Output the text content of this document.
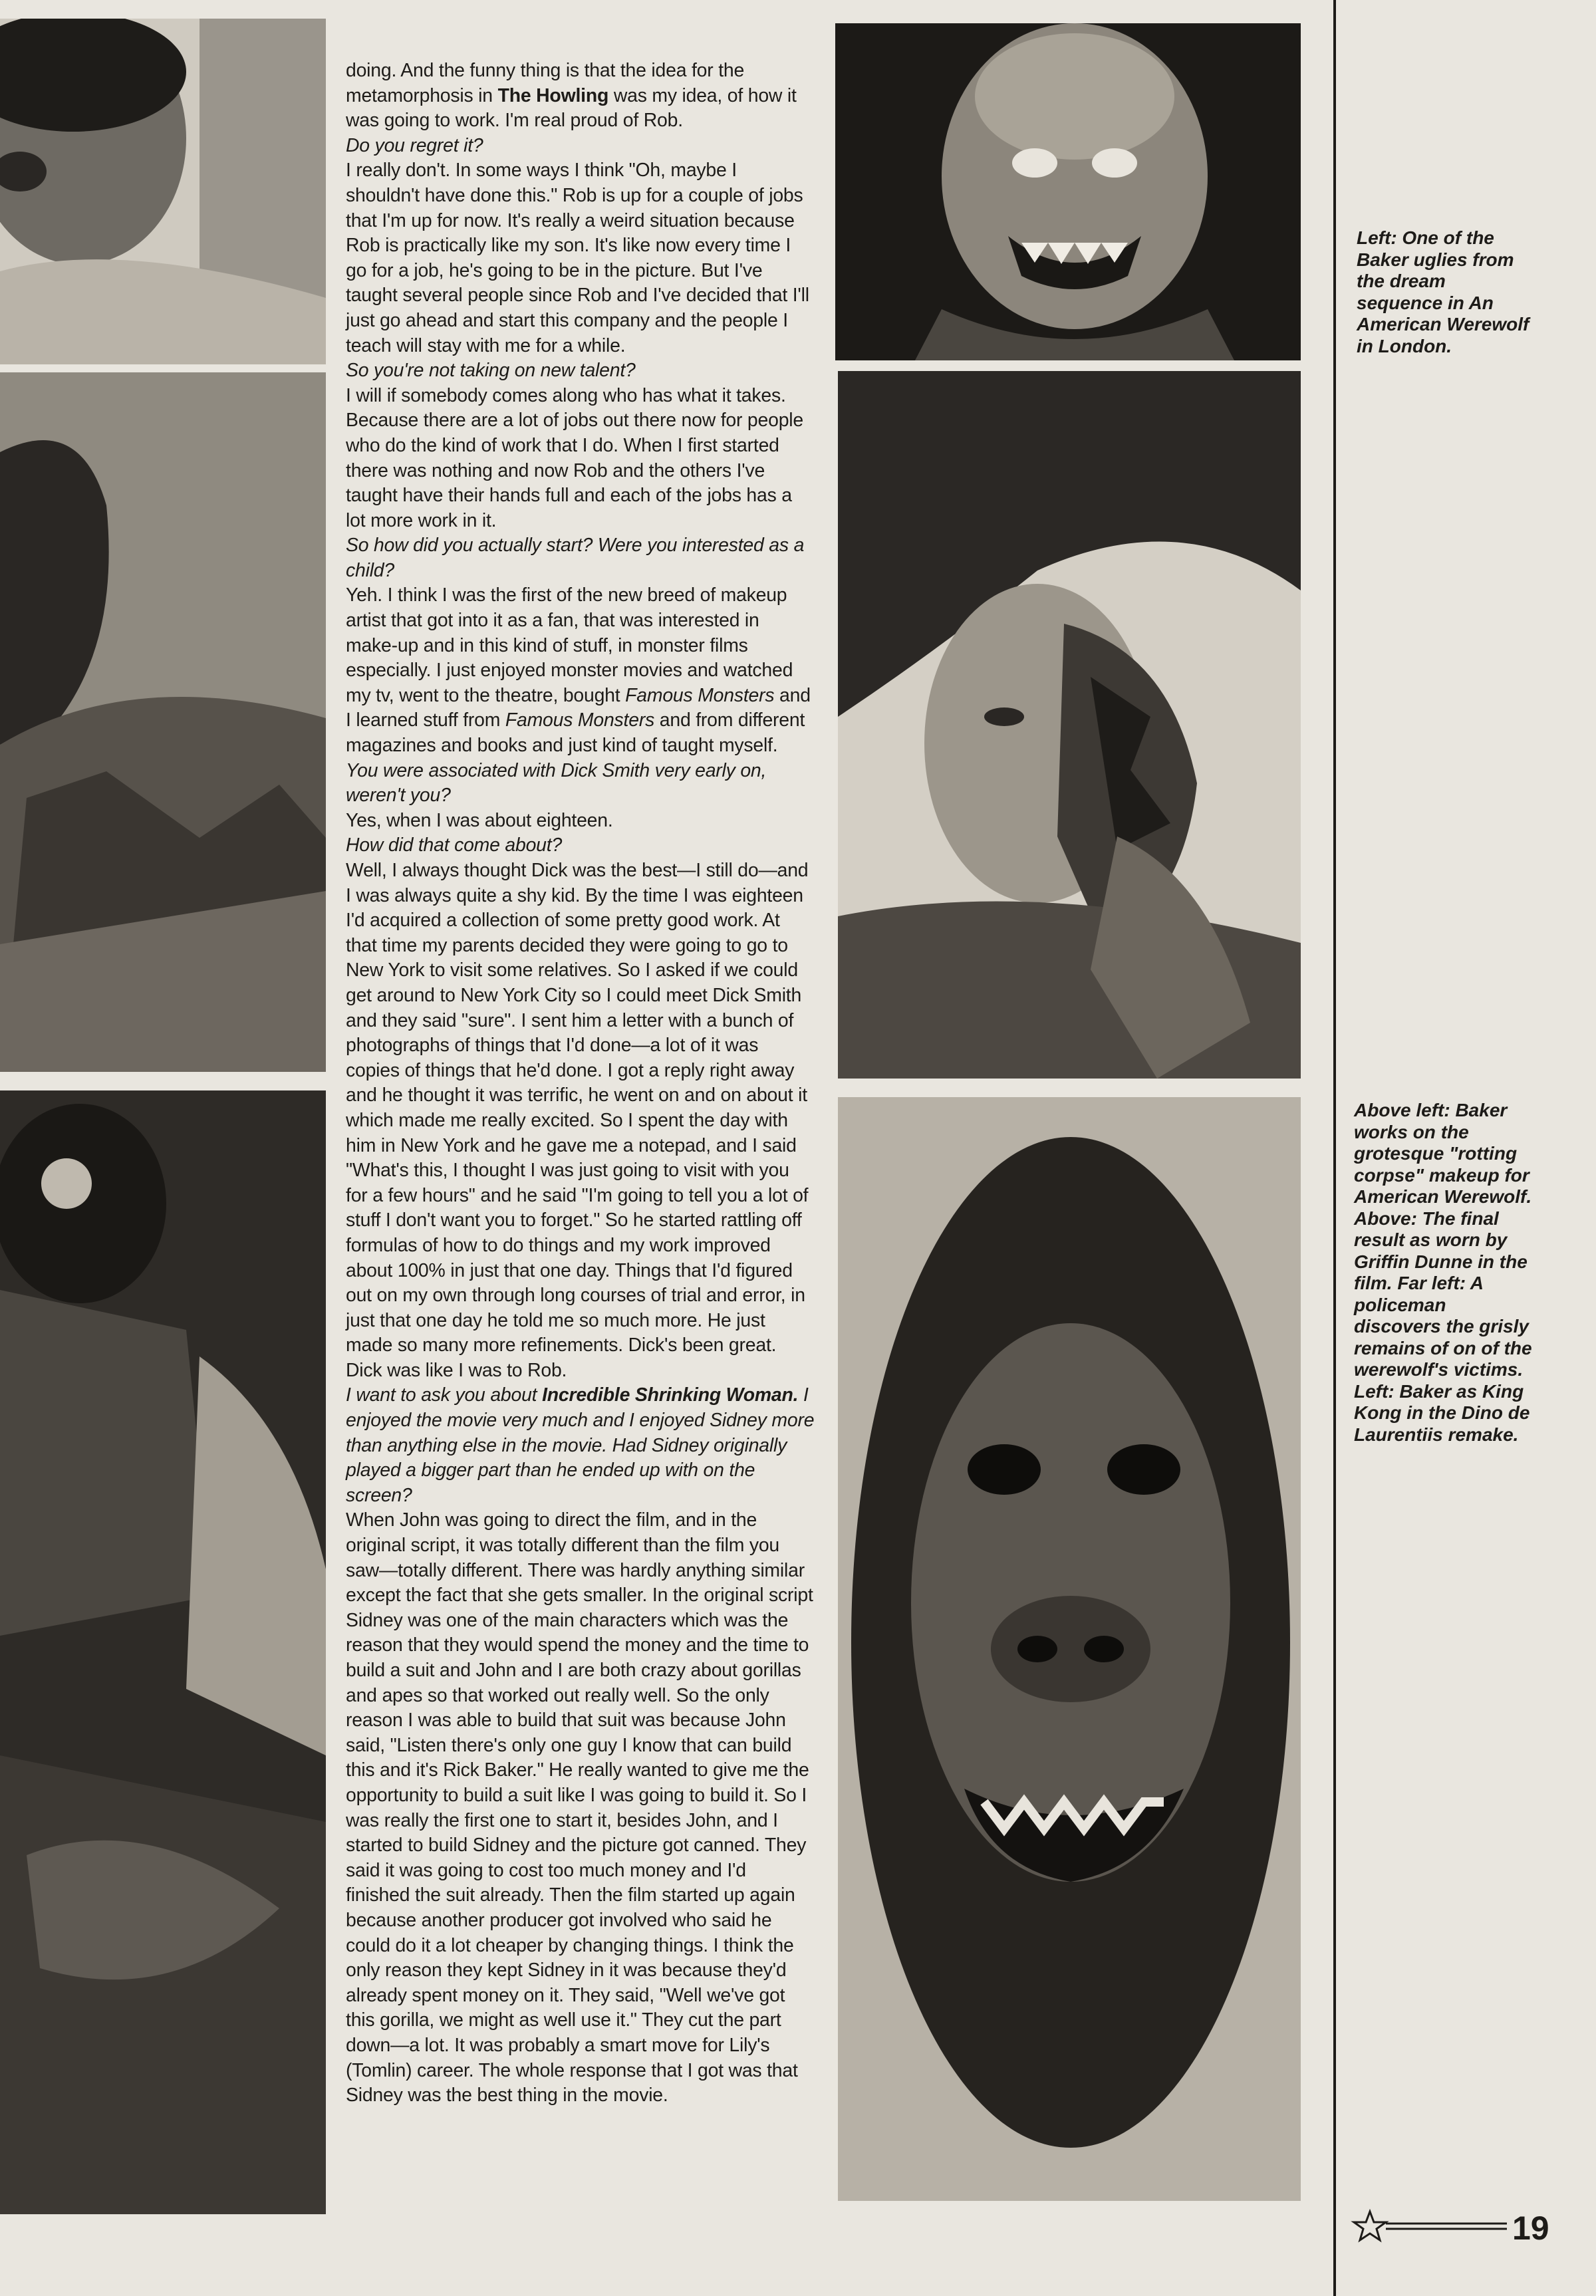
doing. And the funny thing is that the idea for the metamorphosis in The Howling was my idea, of how it was going to work. I'm real proud of Rob.

Do you regret it?

I really don't. In some ways I think "Oh, maybe I shouldn't have done this." Rob is up for a couple of jobs that I'm up for now. It's really a weird situation because Rob is practically like my son. It's like now every time I go for a job, he's going to be in the picture. But I've taught several people since Rob and I've decided that I'll just go ahead and start this company and the people I teach will stay with me for a while.

So you're not taking on new talent?

I will if somebody comes along who has what it takes. Because there are a lot of jobs out there now for people who do the kind of work that I do. When I first started there was nothing and now Rob and the others I've taught have their hands full and each of the jobs has a lot more work in it.

So how did you actually start? Were you interested as a child?

Yeh. I think I was the first of the new breed of makeup artist that got into it as a fan, that was interested in make-up and in this kind of stuff, in monster films especially. I just enjoyed monster movies and watched my tv, went to the theatre, bought Famous Monsters and I learned stuff from Famous Monsters and from different magazines and books and just kind of taught myself.

You were associated with Dick Smith very early on, weren't you?

Yes, when I was about eighteen.

How did that come about?

Well, I always thought Dick was the best—I still do—and I was always quite a shy kid. By the time I was eighteen I'd acquired a collection of some pretty good work. At that time my parents decided they were going to go to New York to visit some relatives. So I asked if we could get around to New York City so I could meet Dick Smith and they said "sure". I sent him a letter with a bunch of photographs of things that I'd done—a lot of it was copies of things that he'd done. I got a reply right away and he thought it was terrific, he went on and on about it which made me really excited. So I spent the day with him in New York and he gave me a notepad, and I said "What's this, I thought I was just going to visit with you for a few hours" and he said "I'm going to tell you a lot of stuff I don't want you to forget." So he started rattling off formulas of how to do things and my work improved about 100% in just that one day. Things that I'd figured out on my own through long courses of trial and error, in just that one day he told me so much more. He just made so many more refinements. Dick's been great. Dick was like I was to Rob.

I want to ask you about Incredible Shrinking Woman. I enjoyed the movie very much and I enjoyed Sidney more than anything else in the movie. Had Sidney originally played a bigger part than he ended up with on the screen?

When John was going to direct the film, and in the original script, it was totally different than the film you saw—totally different. There was hardly anything similar except the fact that she gets smaller. In the original script Sidney was one of the main characters which was the reason that they would spend the money and the time to build a suit and John and I are both crazy about gorillas and apes so that worked out really well. So the only reason I was able to build that suit was because John said, "Listen there's only one guy I know that can build this and it's Rick Baker." He really wanted to give me the opportunity to build a suit like I was going to build it. So I was really the first one to start it, besides John, and I started to build Sidney and the picture got canned. They said it was going to cost too much money and I'd finished the suit already. Then the film started up again because another producer got involved who said he could do it a lot cheaper by changing things. I think the only reason they kept Sidney in it was because they'd already spent money on it. They said, "Well we've got this gorilla, we might as well use it." They cut the part down—a lot. It was probably a smart move for Lily's (Tomlin) career. The whole response that I got was that Sidney was the best thing in the movie.

Left: One of the Baker uglies from the dream sequence in An American Werewolf in London.
Above left: Baker works on the grotesque "rotting corpse" makeup for American Werewolf. Above: The final result as worn by Griffin Dunne in the film. Far left: A policeman discovers the grisly remains of on of the werewolf's victims. Left: Baker as King Kong in the Dino de Laurentiis remake.
19
